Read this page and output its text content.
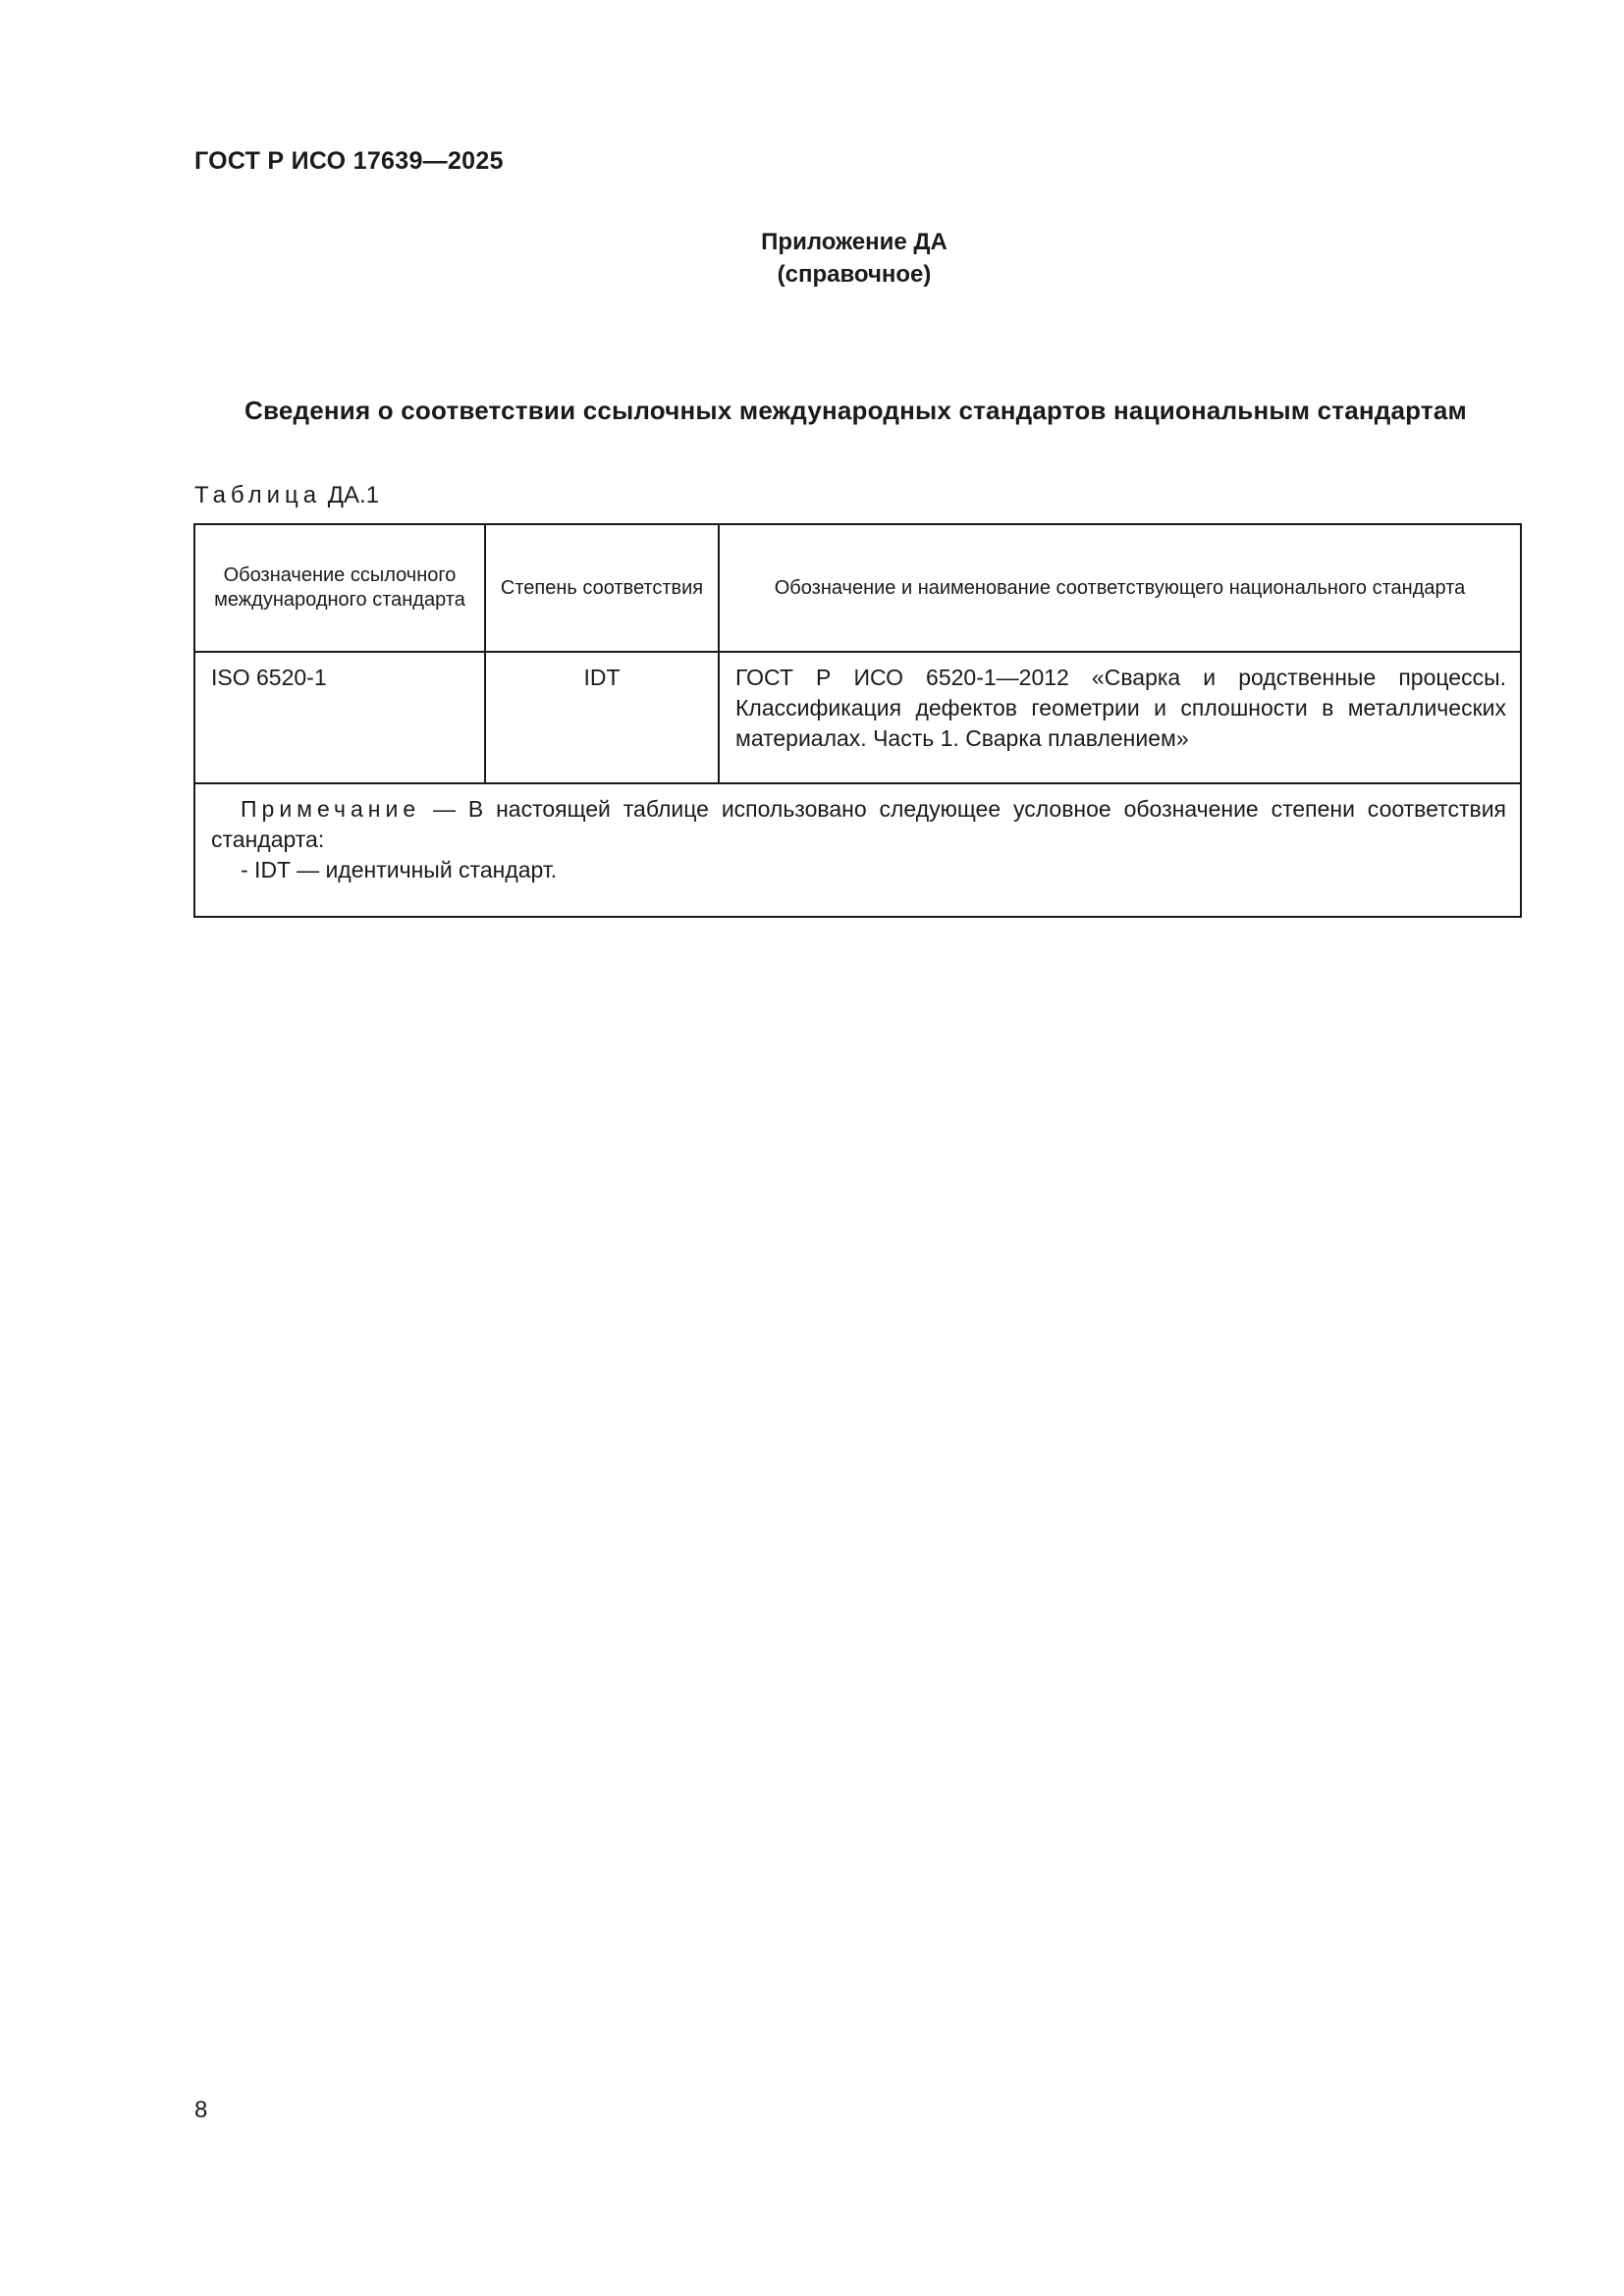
ГОСТ Р ИСО 17639—2025
Приложение ДА
(справочное)
Сведения о соответствии ссылочных международных стандартов национальным стандартам
Таблица ДА.1
Обозначение ссылочного международного стандарта	Степень соответствия	Обозначение и наименование соответствующего национального стандарта
ISO 6520-1	IDT	ГОСТ Р ИСО 6520-1—2012 «Сварка и родственные процессы. Классификация дефектов геометрии и сплошности в металлических материалах. Часть 1. Сварка плавлением»
Примечание — В настоящей таблице использовано следующее условное обозначение степени соответствия стандарта:
- IDT — идентичный стандарт.		
8
